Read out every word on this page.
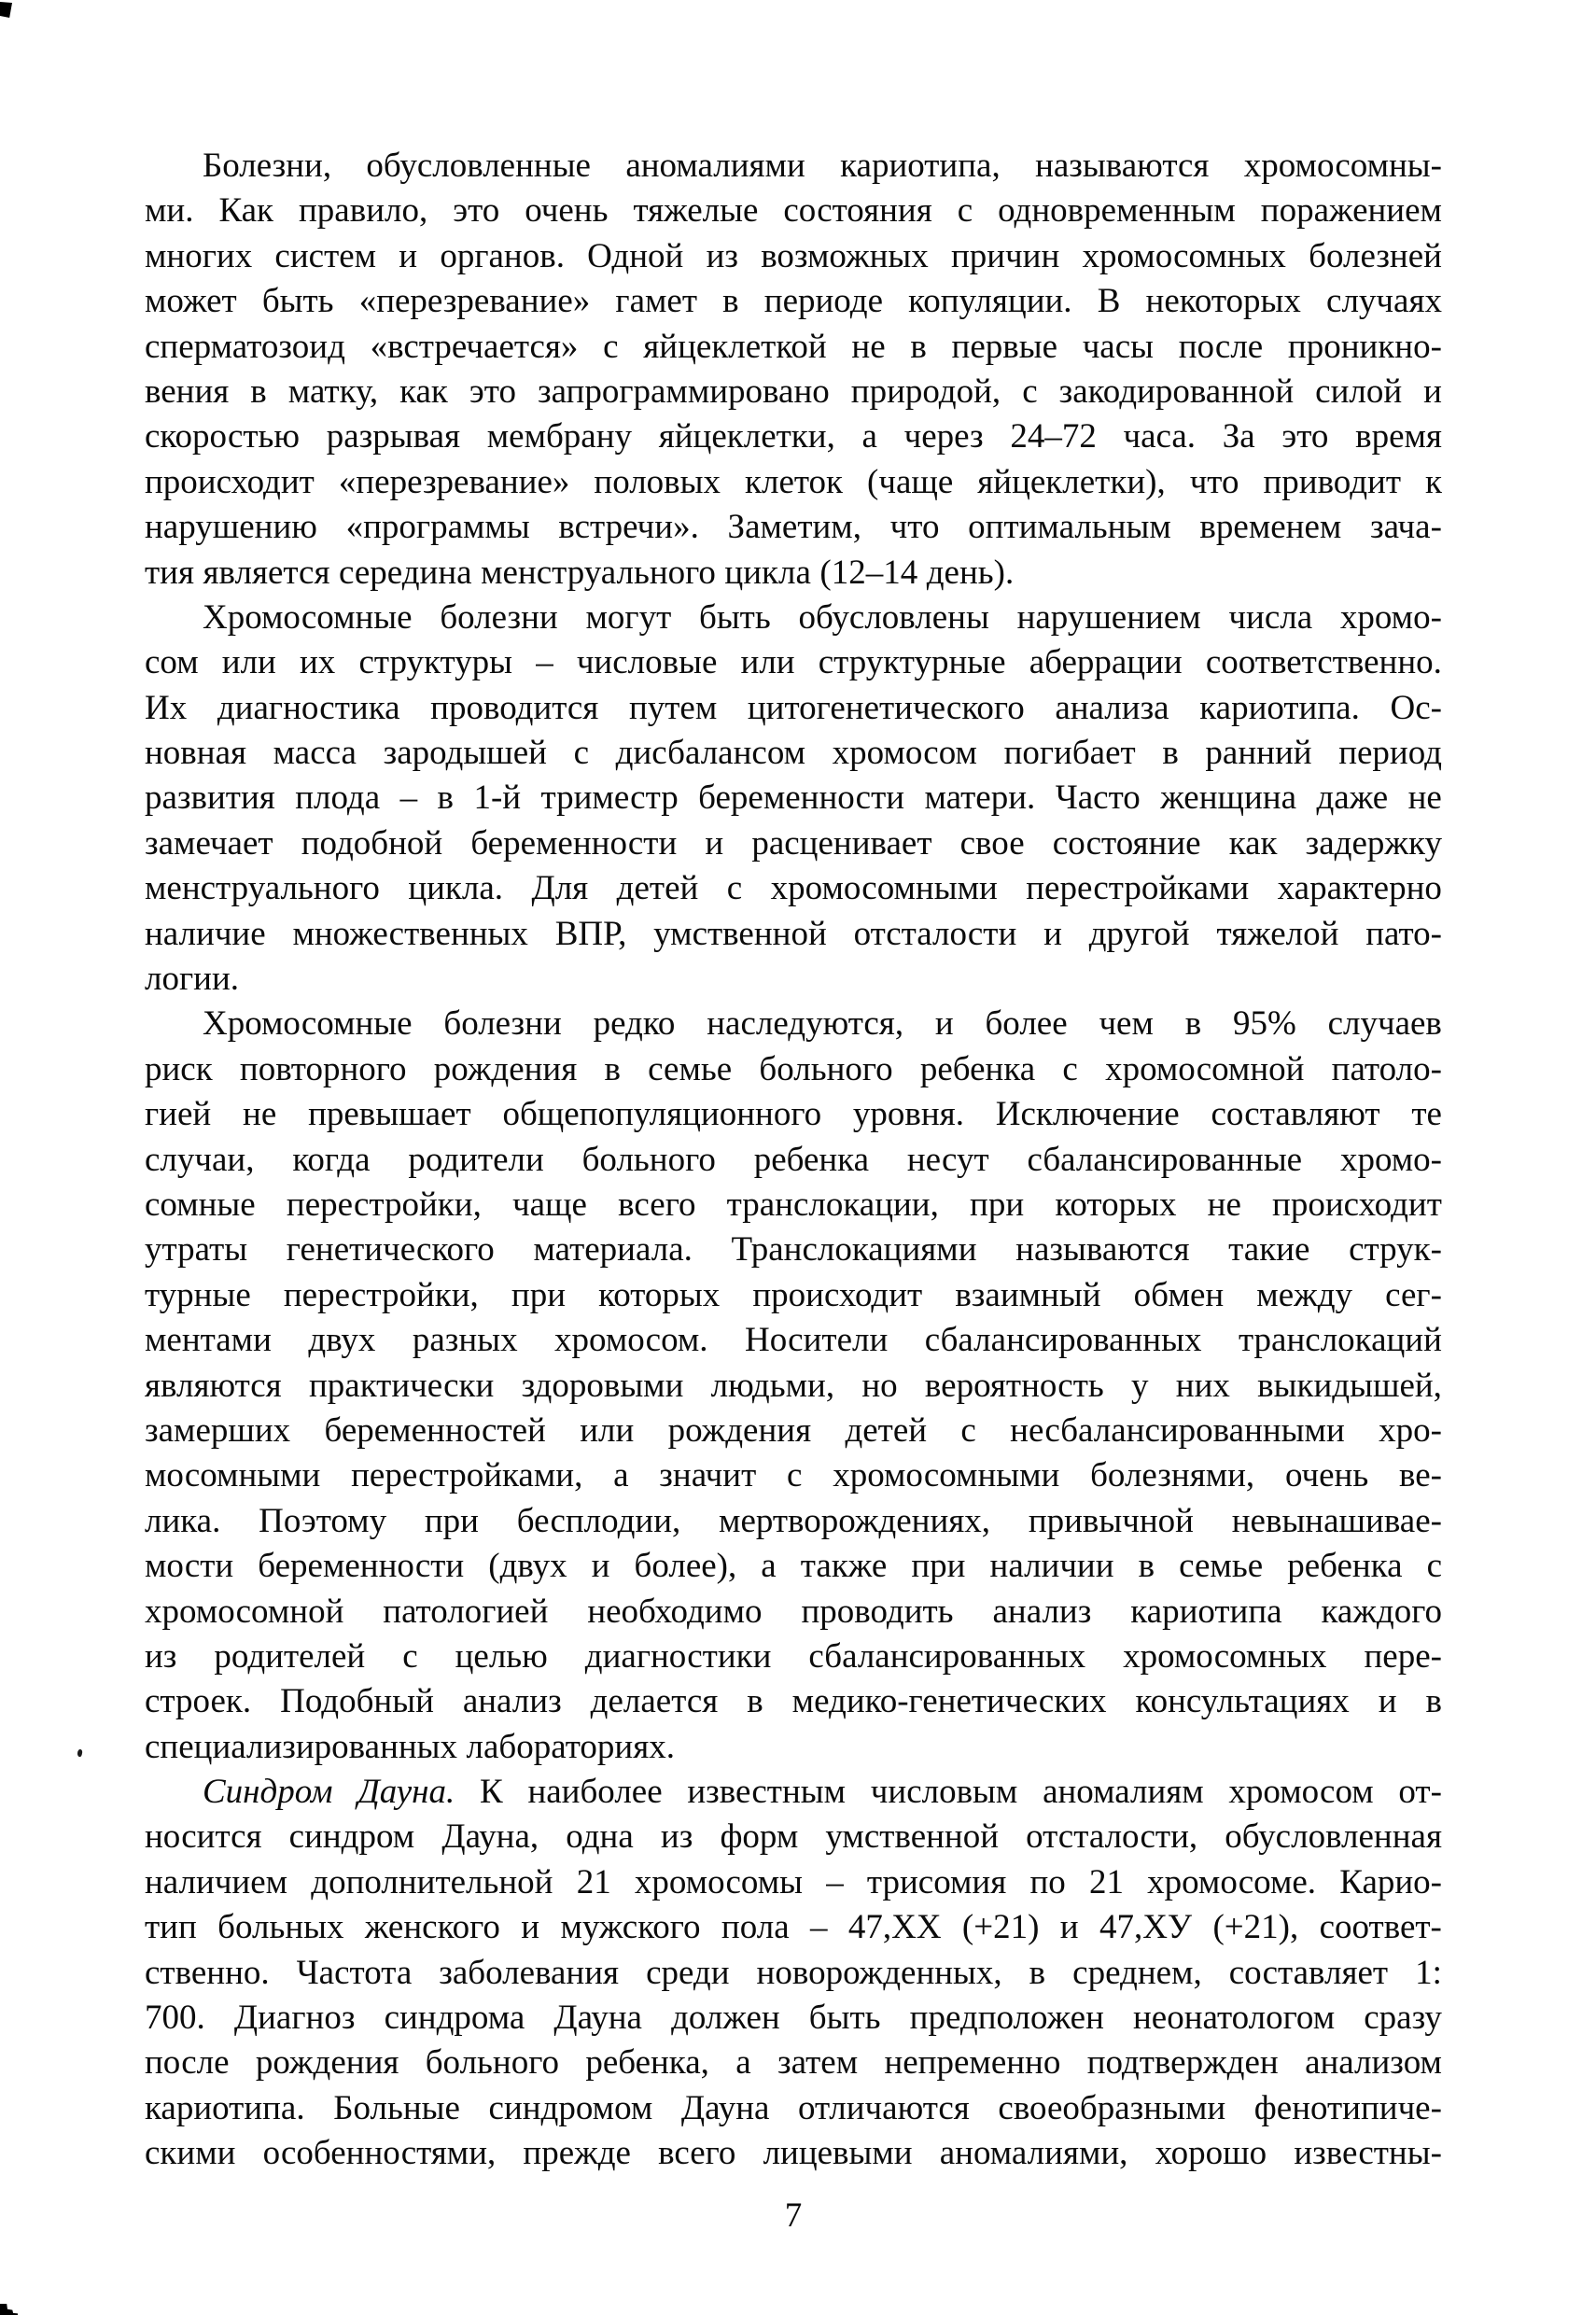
Болезни, обусловленные аномалиями кариотипа, называются хромосомны-
ми. Как правило, это очень тяжелые состояния с одновременным поражением
многих систем и органов. Одной из возможных причин хромосомных болезней
может быть «перезревание» гамет в периоде копуляции. В некоторых случаях
сперматозоид «встречается» с яйцеклеткой не в первые часы после проникно-
вения в матку, как это запрограммировано природой, с закодированной силой и
скоростью разрывая мембрану яйцеклетки, а через 24–72 часа. За это время
происходит «перезревание» половых клеток (чаще яйцеклетки), что приводит к
нарушению «программы встречи». Заметим, что оптимальным временем зача-
тия является середина менструального цикла (12–14 день).
Хромосомные болезни могут быть обусловлены нарушением числа хромо-
сом или их структуры – числовые или структурные аберрации соответственно.
Их диагностика проводится путем цитогенетического анализа кариотипа. Ос-
новная масса зародышей с дисбалансом хромосом погибает в ранний период
развития плода – в 1-й триместр беременности матери. Часто женщина даже не
замечает подобной беременности и расценивает свое состояние как задержку
менструального цикла. Для детей с хромосомными перестройками характерно
наличие множественных ВПР, умственной отсталости и другой тяжелой пато-
логии.
Хромосомные болезни редко наследуются, и более чем в 95% случаев
риск повторного рождения в семье больного ребенка с хромосомной патоло-
гией не превышает общепопуляционного уровня. Исключение составляют те
случаи, когда родители больного ребенка несут сбалансированные хромо-
сомные перестройки, чаще всего транслокации, при которых не происходит
утраты генетического материала. Транслокациями называются такие струк-
турные перестройки, при которых происходит взаимный обмен между сег-
ментами двух разных хромосом. Носители сбалансированных транслокаций
являются практически здоровыми людьми, но вероятность у них выкидышей,
замерших беременностей или рождения детей с несбалансированными хро-
мосомными перестройками, а значит с хромосомными болезнями, очень ве-
лика. Поэтому при бесплодии, мертворождениях, привычной невынашивае-
мости беременности (двух и более), а также при наличии в семье ребенка с
хромосомной патологией необходимо проводить анализ кариотипа каждого
из родителей с целью диагностики сбалансированных хромосомных пере-
строек. Подобный анализ делается в медико-генетических консультациях и в
специализированных лабораториях.
Синдром Дауна. К наиболее известным числовым аномалиям хромосом от-
носится синдром Дауна, одна из форм умственной отсталости, обусловленная
наличием дополнительной 21 хромосомы – трисомия по 21 хромосоме. Карио-
тип больных женского и мужского пола – 47,ХХ (+21) и 47,ХУ (+21), соответ-
ственно. Частота заболевания среди новорожденных, в среднем, составляет 1:
700. Диагноз синдрома Дауна должен быть предположен неонатологом сразу
после рождения больного ребенка, а затем непременно подтвержден анализом
кариотипа. Больные синдромом Дауна отличаются своеобразными фенотипиче-
скими особенностями, прежде всего лицевыми аномалиями, хорошо известны-
7
